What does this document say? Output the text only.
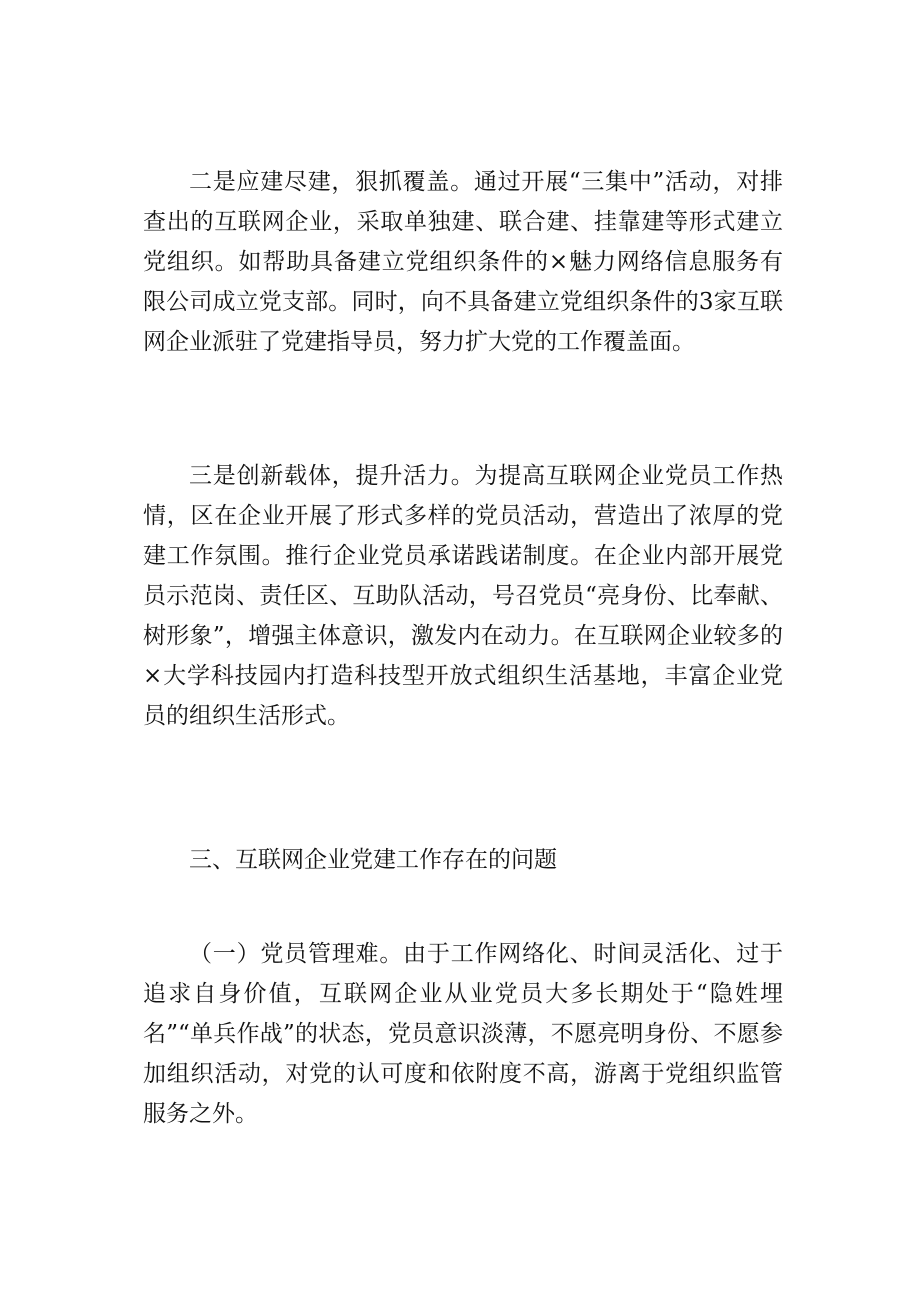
二是应建尽建，狠抓覆盖。通过开展“三集中”活动，对排查出的互联网企业，采取单独建、联合建、挂靠建等形式建立党组织。如帮助具备建立党组织条件的×魅力网络信息服务有限公司成立党支部。同时，向不具备建立党组织条件的3家互联网企业派驻了党建指导员，努力扩大党的工作覆盖面。

三是创新载体，提升活力。为提高互联网企业党员工作热情，区在企业开展了形式多样的党员活动，营造出了浓厚的党建工作氛围。推行企业党员承诺践诺制度。在企业内部开展党员示范岗、责任区、互助队活动，号召党员“亮身份、比奉献、树形象”，增强主体意识，激发内在动力。在互联网企业较多的×大学科技园内打造科技型开放式组织生活基地，丰富企业党员的组织生活形式。

三、互联网企业党建工作存在的问题

（一）党员管理难。由于工作网络化、时间灵活化、过于追求自身价值，互联网企业从业党员大多长期处于“隐姓埋名”“单兵作战”的状态，党员意识淡薄，不愿亮明身份、不愿参加组织活动，对党的认可度和依附度不高，游离于党组织监管服务之外。
